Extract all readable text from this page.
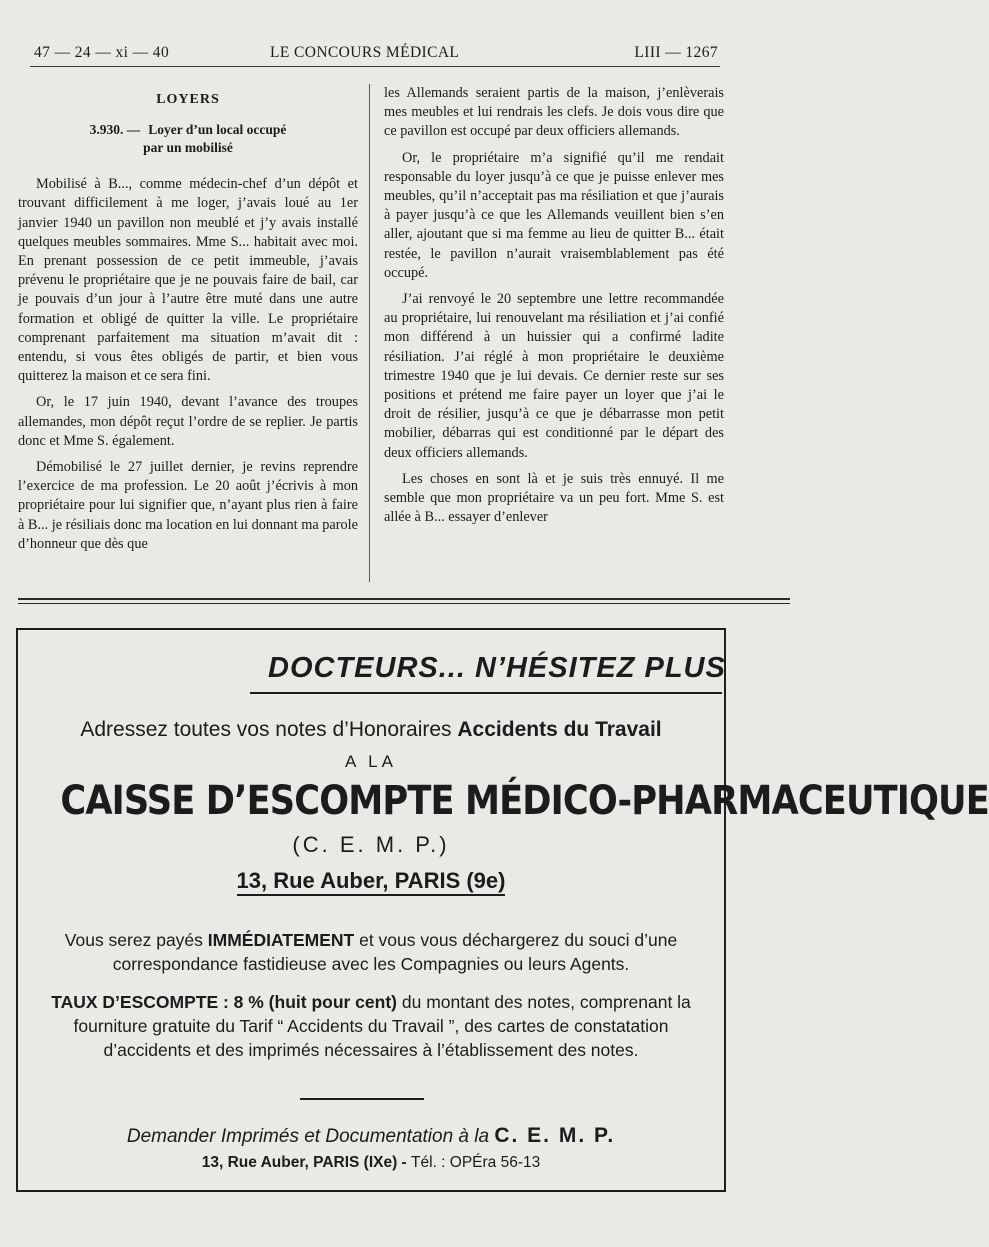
47 — 24 — xi — 40	LE CONCOURS MÉDICAL	LIII — 1267
LOYERS
3.930. — Loyer d’un local occupé
par un mobilisé

Mobilisé à B..., comme médecin-chef d’un dépôt et trouvant difficilement à me loger, j’avais loué au 1er janvier 1940 un pavillon non meublé et j’y avais installé quelques meubles sommaires. Mme S... habitait avec moi. En prenant possession de ce petit immeuble, j’avais prévenu le propriétaire que je ne pouvais faire de bail, car je pouvais d’un jour à l’autre être muté dans une autre formation et obligé de quitter la ville. Le propriétaire comprenant parfaitement ma situation m’avait dit : entendu, si vous êtes obligés de partir, et bien vous quitterez la maison et ce sera fini.

Or, le 17 juin 1940, devant l’avance des troupes allemandes, mon dépôt reçut l’ordre de se replier. Je partis donc et Mme S. également.

Démobilisé le 27 juillet dernier, je revins reprendre l’exercice de ma profession. Le 20 août j’écrivis à mon propriétaire pour lui signifier que, n’ayant plus rien à faire à B... je résiliais donc ma location en lui donnant ma parole d’honneur que dès que

les Allemands seraient partis de la maison, j’enlèverais mes meubles et lui rendrais les clefs. Je dois vous dire que ce pavillon est occupé par deux officiers allemands.

Or, le propriétaire m’a signifié qu’il me rendait responsable du loyer jusqu’à ce que je puisse enlever mes meubles, qu’il n’acceptait pas ma résiliation et que j’aurais à payer jusqu’à ce que les Allemands veuillent bien s’en aller, ajoutant que si ma femme au lieu de quitter B... était restée, le pavillon n’aurait vraisemblablement pas été occupé.

J’ai renvoyé le 20 septembre une lettre recommandée au propriétaire, lui renouvelant ma résiliation et j’ai confié mon différend à un huissier qui a confirmé ladite résiliation. J’ai réglé à mon propriétaire le deuxième trimestre 1940 que je lui devais. Ce dernier reste sur ses positions et prétend me faire payer un loyer que j’ai le droit de résilier, jusqu’à ce que je débarrasse mon petit mobilier, débarras qui est conditionné par le départ des deux officiers allemands.

Les choses en sont là et je suis très ennuyé. Il me semble que mon propriétaire va un peu fort. Mme S. est allée à B... essayer d’enlever

DOCTEURS... N’HÉSITEZ PLUS
Adressez toutes vos notes d’Honoraires Accidents du Travail
A LA
CAISSE D’ESCOMPTE MÉDICO-PHARMACEUTIQUE
(C. E. M. P.)
13, Rue Auber, PARIS (9e)
Vous serez payés IMMÉDIATEMENT et vous vous déchargerez du souci d’une correspondance fastidieuse avec les Compagnies ou leurs Agents.
TAUX D’ESCOMPTE : 8 % (huit pour cent) du montant des notes, comprenant la fourniture gratuite du Tarif “ Accidents du Travail ”, des cartes de constatation d’accidents et des imprimés nécessaires à l’établissement des notes.
Demander Imprimés et Documentation à la C. E. M. P.
13, Rue Auber, PARIS (IXe) - Tél. : OPÉra 56-13
